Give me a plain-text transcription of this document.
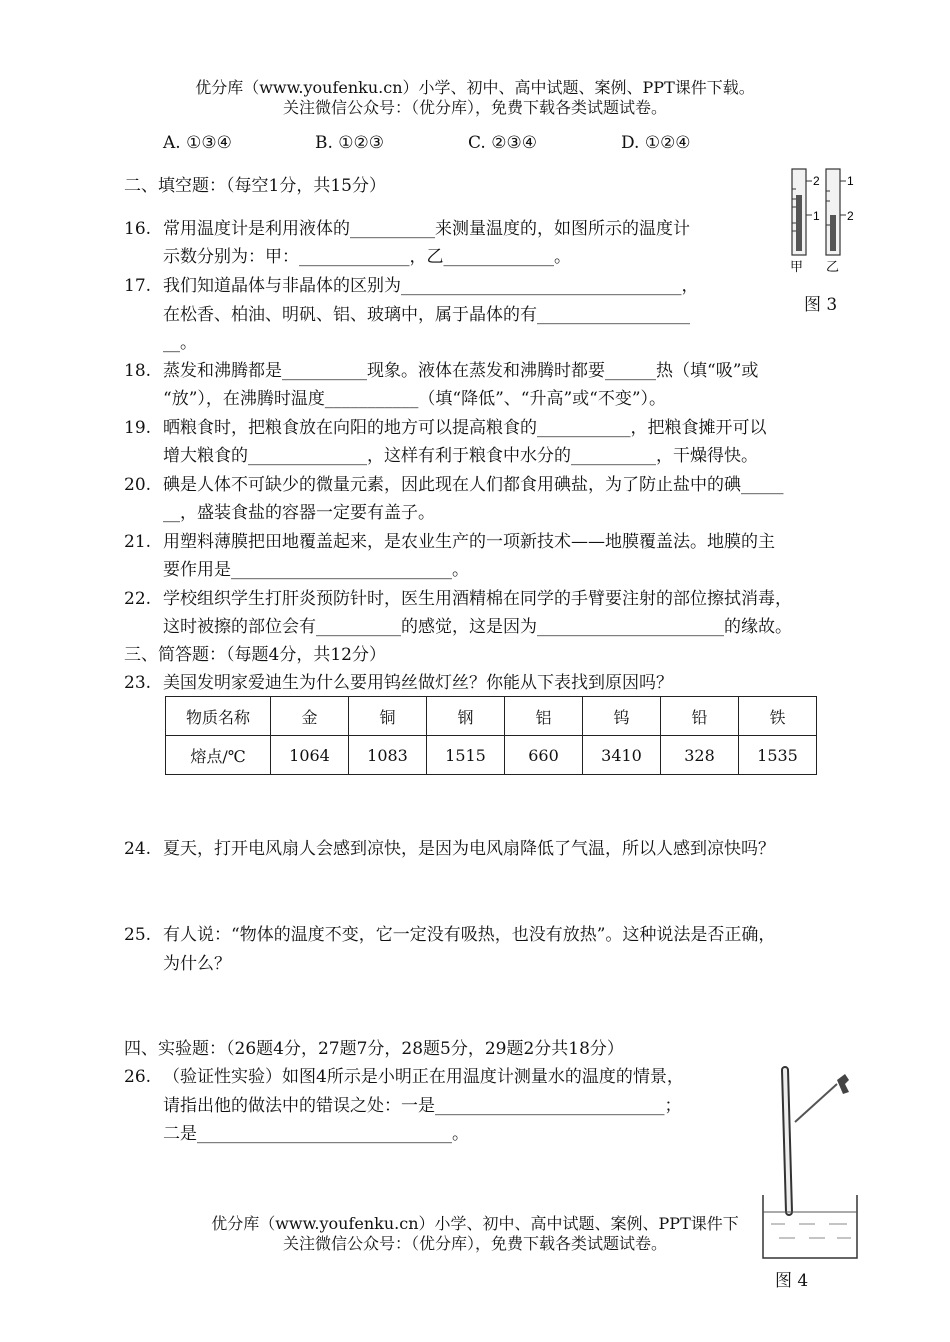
优分库（www.youfenku.cn）小学、初中、高中试题、案例、PPT课件下载。
关注微信公众号：（优分库），免费下载各类试题试卷。
A. ①③④	B. ①②③	C. ②③④	D. ①②④
二、填空题：（每空1分，共15分）
16. 常用温度计是利用液体的__________来测量温度的，如图所示的温度计
示数分别为：甲：_____________，乙_____________。
17. 我们知道晶体与非晶体的区别为_________________________________，
在松香、柏油、明矾、铝、玻璃中，属于晶体的有__________________
__。
18. 蒸发和沸腾都是__________现象。液体在蒸发和沸腾时都要______热（填“吸”或
“放”），在沸腾时温度___________（填“降低”、“升高”或“不变”）。
19. 晒粮食时，把粮食放在向阳的地方可以提高粮食的___________，把粮食摊开可以
增大粮食的______________，这样有利于粮食中水分的__________，干燥得快。
20. 碘是人体不可缺少的微量元素，因此现在人们都食用碘盐，为了防止盐中的碘_____
__，盛装食盐的容器一定要有盖子。
21. 用塑料薄膜把田地覆盖起来，是农业生产的一项新技术——地膜覆盖法。地膜的主
要作用是__________________________。
22. 学校组织学生打肝炎预防针时，医生用酒精棉在同学的手臂要注射的部位擦拭消毒，
这时被擦的部位会有__________的感觉，这是因为______________________的缘故。
三、简答题：（每题4分，共12分）
23. 美国发明家爱迪生为什么要用钨丝做灯丝？你能从下表找到原因吗？
物质名称	金	铜	钢	铝	钨	铅	铁
熔点/℃	1064	1083	1515	660	3410	328	1535
24. 夏天，打开电风扇人会感到凉快，是因为电风扇降低了气温，所以人感到凉快吗？
25. 有人说：“物体的温度不变，它一定没有吸热，也没有放热”。这种说法是否正确，
为什么？
四、实验题：（26题4分，27题7分，28题5分，29题2分共18分）
26. （验证性实验）如图4所示是小明正在用温度计测量水的温度的情景，
请指出他的做法中的错误之处：一是___________________________；
二是______________________________。
优分库（www.youfenku.cn）小学、初中、高中试题、案例、PPT课件下
关注微信公众号：（优分库），免费下载各类试题试卷。
2
1
1
2
甲 乙
图 3
图 4
